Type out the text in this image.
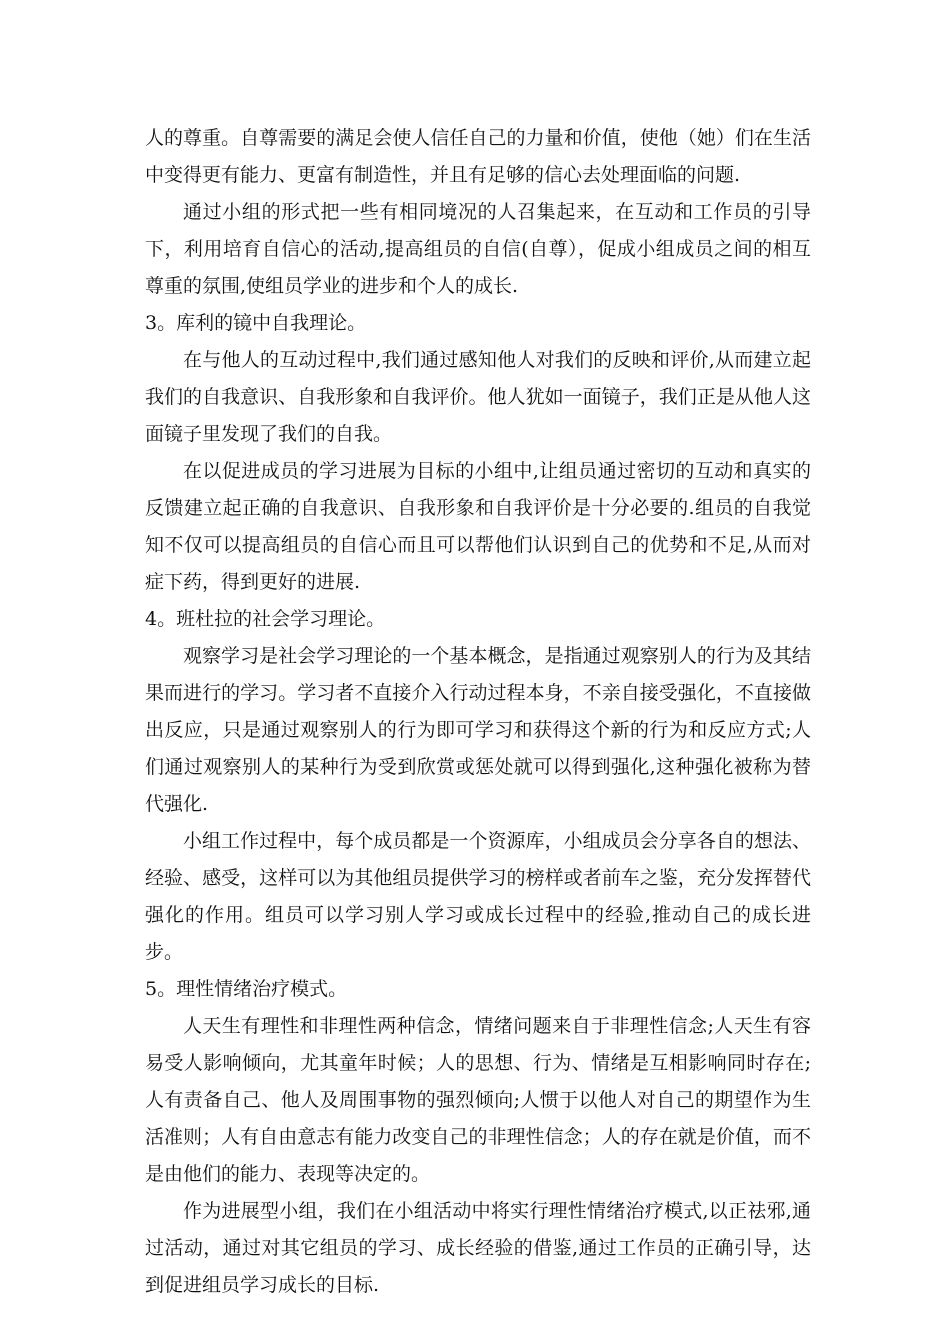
人的尊重。自尊需要的满足会使人信任自己的力量和价值，使他（她）们在生活中变得更有能力、更富有制造性，并且有足够的信心去处理面临的问题.

通过小组的形式把一些有相同境况的人召集起来，在互动和工作员的引导下，利用培育自信心的活动,提高组员的自信(自尊），促成小组成员之间的相互尊重的氛围,使组员学业的进步和个人的成长.

3。库利的镜中自我理论。

在与他人的互动过程中,我们通过感知他人对我们的反映和评价,从而建立起我们的自我意识、自我形象和自我评价。他人犹如一面镜子，我们正是从他人这面镜子里发现了我们的自我。

在以促进成员的学习进展为目标的小组中,让组员通过密切的互动和真实的反馈建立起正确的自我意识、自我形象和自我评价是十分必要的.组员的自我觉知不仅可以提高组员的自信心而且可以帮他们认识到自己的优势和不足,从而对症下药，得到更好的进展.

4。班杜拉的社会学习理论。

观察学习是社会学习理论的一个基本概念，是指通过观察别人的行为及其结果而进行的学习。学习者不直接介入行动过程本身，不亲自接受强化，不直接做出反应，只是通过观察别人的行为即可学习和获得这个新的行为和反应方式;人们通过观察别人的某种行为受到欣赏或惩处就可以得到强化,这种强化被称为替代强化.

小组工作过程中，每个成员都是一个资源库，小组成员会分享各自的想法、经验、感受，这样可以为其他组员提供学习的榜样或者前车之鉴，充分发挥替代强化的作用。组员可以学习别人学习或成长过程中的经验,推动自己的成长进步。

5。理性情绪治疗模式。

人天生有理性和非理性两种信念，情绪问题来自于非理性信念;人天生有容易受人影响倾向，尤其童年时候；人的思想、行为、情绪是互相影响同时存在;人有责备自己、他人及周围事物的强烈倾向;人惯于以他人对自己的期望作为生活准则；人有自由意志有能力改变自己的非理性信念；人的存在就是价值，而不是由他们的能力、表现等决定的。

作为进展型小组，我们在小组活动中将实行理性情绪治疗模式,以正祛邪,通过活动，通过对其它组员的学习、成长经验的借鉴,通过工作员的正确引导，达到促进组员学习成长的目标.
